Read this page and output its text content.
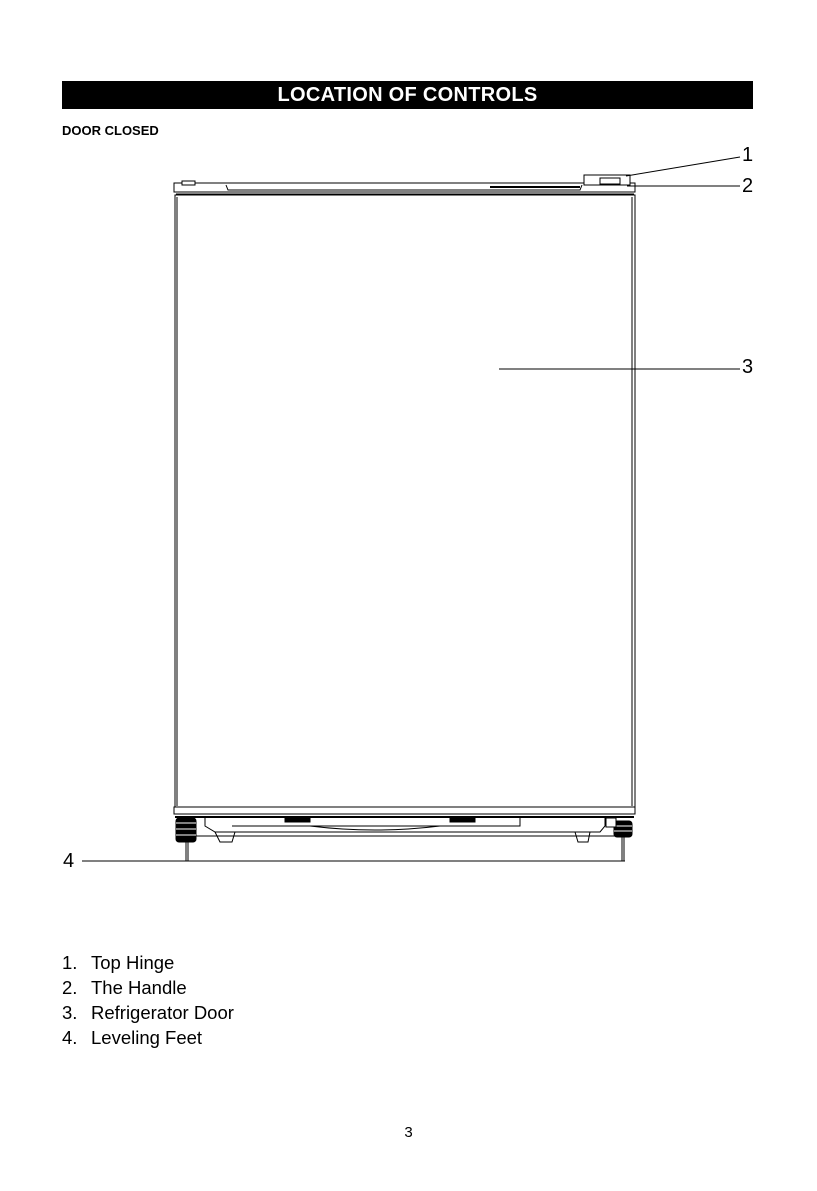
LOCATION OF CONTROLS
DOOR CLOSED
1
2
3
4
1. Top Hinge
2. The Handle
3. Refrigerator Door
4. Leveling Feet
3
